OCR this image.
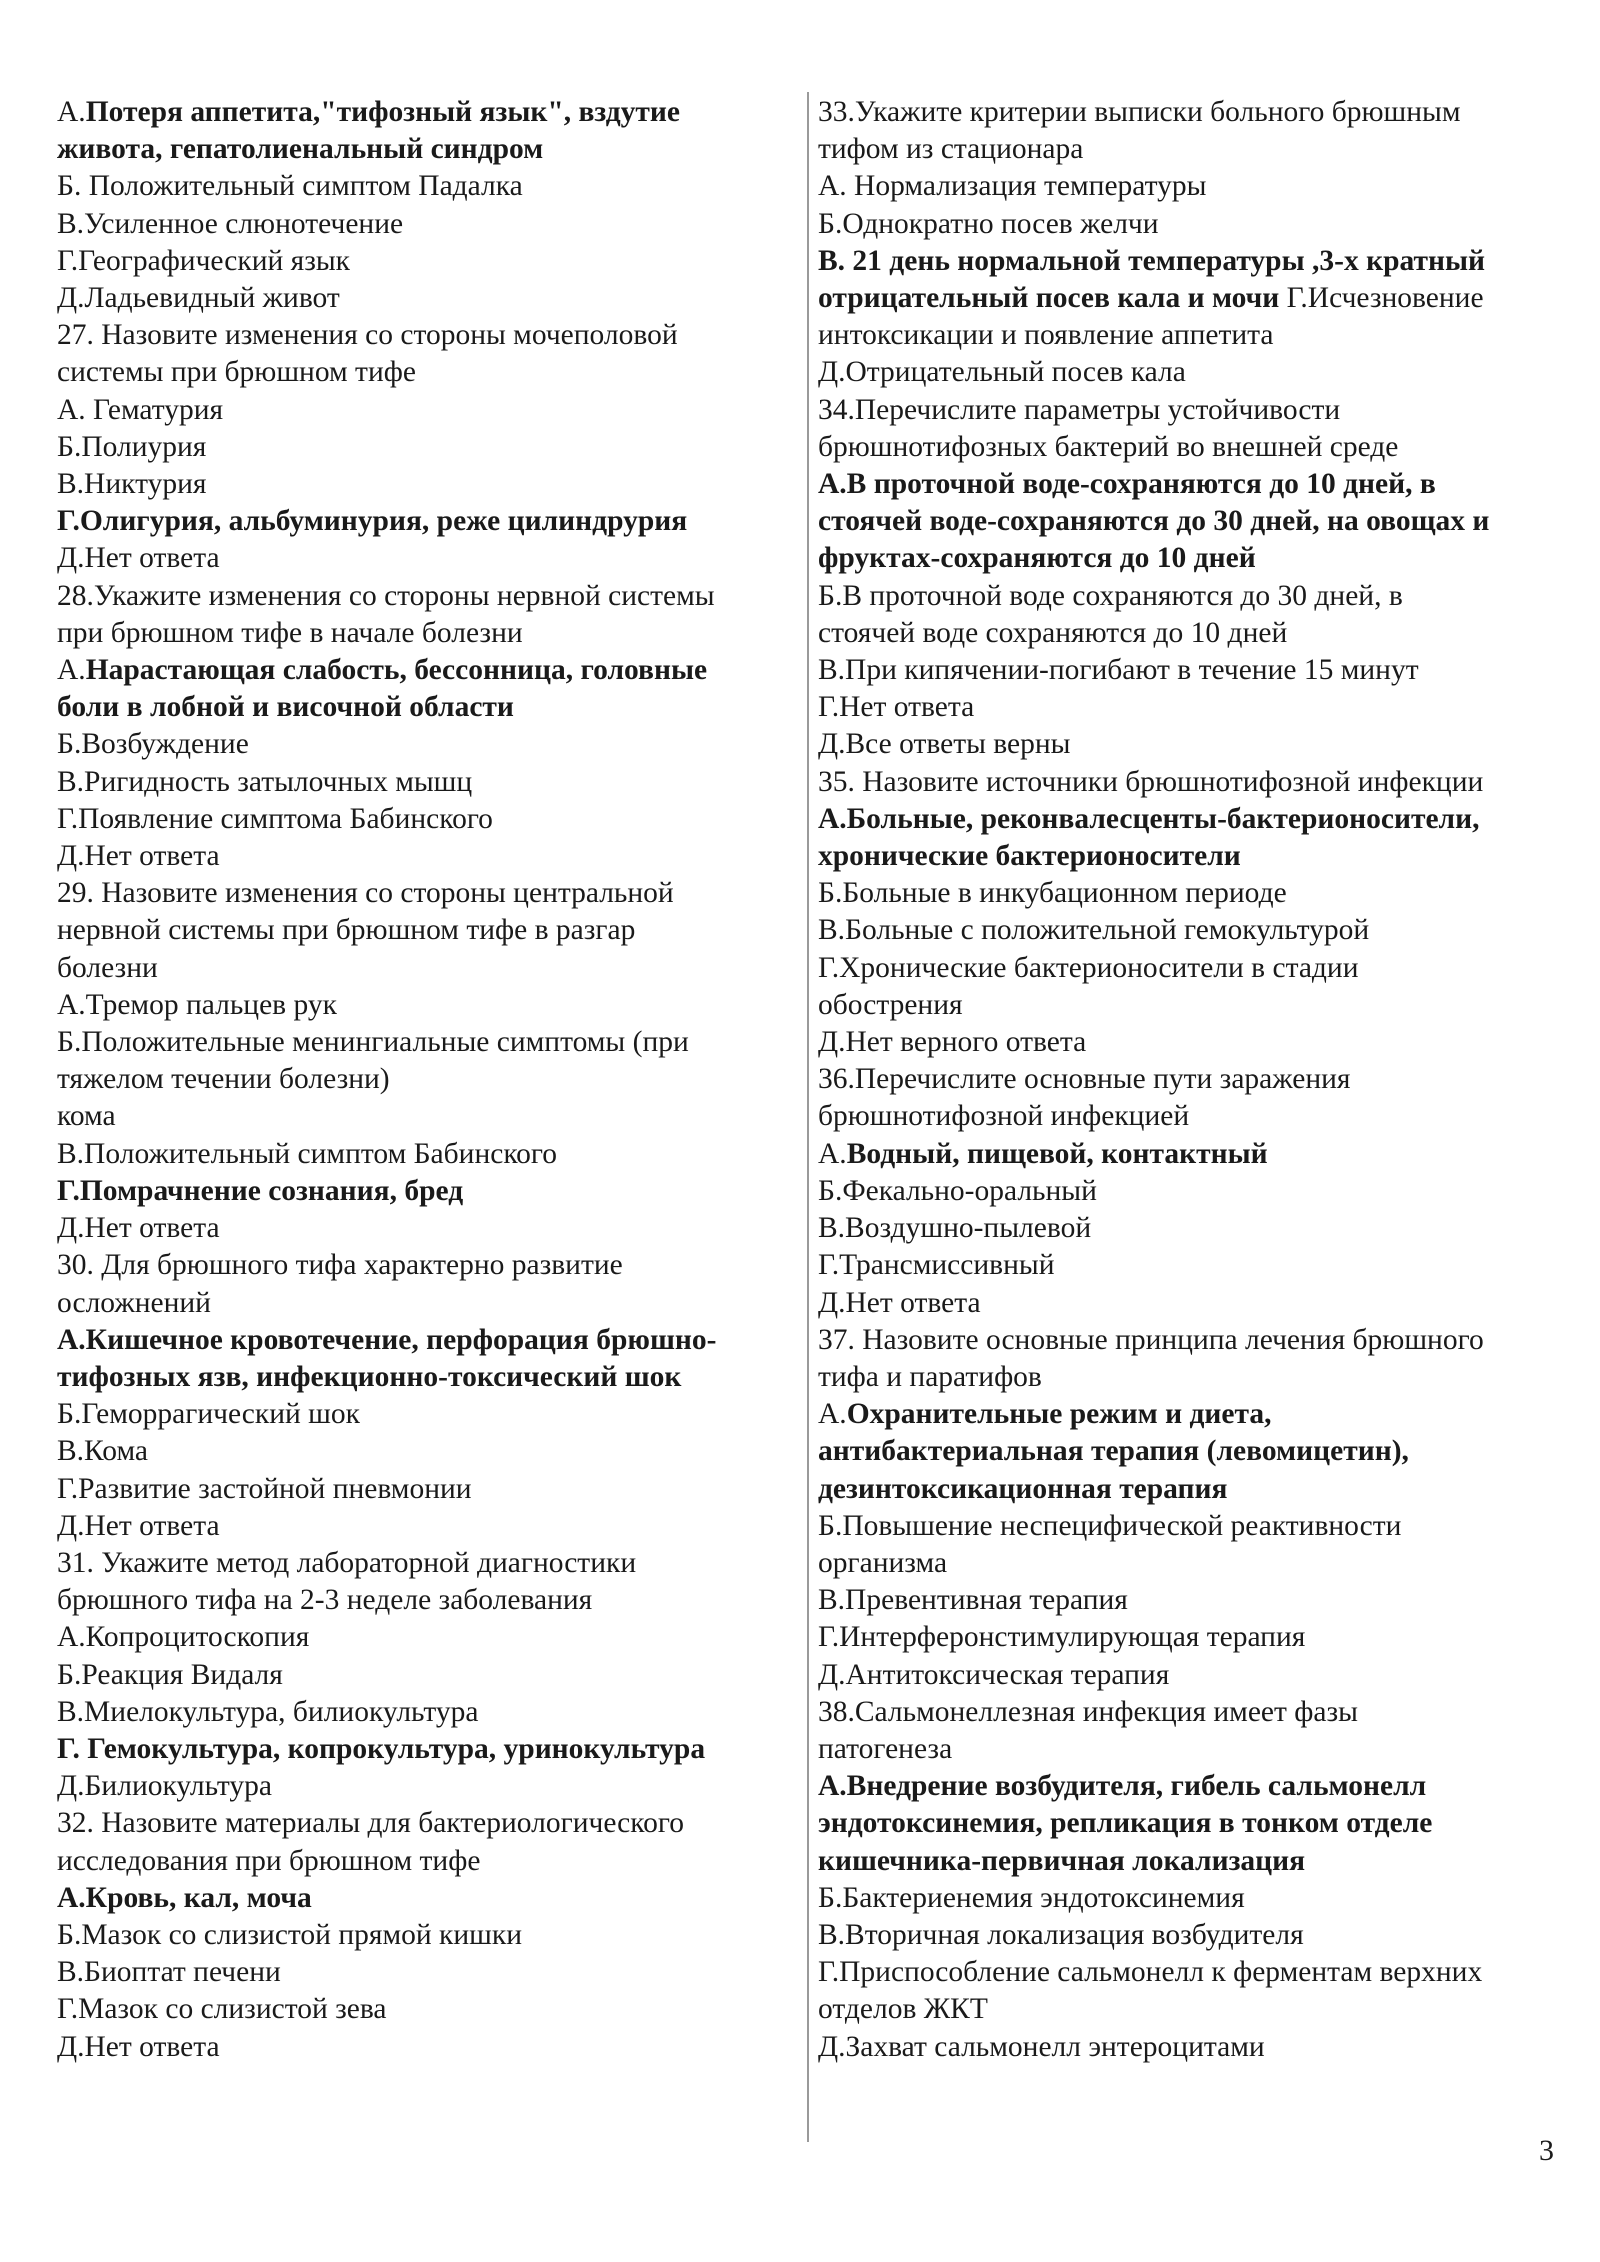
А.Потеря аппетита,"тифозный язык", вздутие
живота, гепатолиенальный синдром
Б. Положительный симптом Падалка
В.Усиленное слюнотечение
Г.Географический язык
Д.Ладьевидный живот
27. Назовите изменения со стороны мочеполовой
системы при брюшном тифе
А. Гематурия
Б.Полиурия
В.Никтурия
Г.Олигурия, альбуминурия, реже цилиндрурия
Д.Нет ответа
28.Укажите изменения со стороны нервной системы
при брюшном тифе в начале болезни
А.Нарастающая слабость, бессонница, головные
боли в лобной и височной области
Б.Возбуждение
В.Ригидность затылочных мышц
Г.Появление симптома Бабинского
Д.Нет ответа
29. Назовите изменения со стороны центральной
нервной системы при брюшном тифе в разгар
болезни
А.Тремор пальцев рук
Б.Положительные менингиальные симптомы (при
тяжелом течении болезни)
кома
В.Положительный симптом Бабинского
Г.Помрачнение сознания, бред
Д.Нет ответа
30. Для брюшного тифа характерно развитие
осложнений
А.Кишечное кровотечение, перфорация брюшно-
тифозных язв, инфекционно-токсический шок
Б.Геморрагический шок
В.Кома
Г.Развитие застойной пневмонии
Д.Нет ответа
31. Укажите метод лабораторной диагностики
брюшного тифа на 2-3 неделе заболевания
А.Копроцитоскопия
Б.Реакция Видаля
В.Миелокультура, билиокультура
Г. Гемокультура, копрокультура, уринокультура
Д.Билиокультура
32. Назовите материалы для бактериологического
исследования при брюшном тифе
А.Кровь, кал, моча
Б.Мазок со слизистой прямой кишки
В.Биоптат печени
Г.Мазок со слизистой зева
Д.Нет ответа
33.Укажите критерии выписки больного брюшным
тифом из стационара
А. Нормализация температуры
Б.Однократно посев желчи
В. 21 день нормальной температуры ,3-х кратный
отрицательный посев кала и мочи Г.Исчезновение
интоксикации и появление аппетита
Д.Отрицательный посев кала
34.Перечислите параметры устойчивости
брюшнотифозных бактерий во внешней среде
А.В проточной воде-сохраняются до 10 дней, в
стоячей воде-сохраняются до 30 дней, на овощах и
фруктах-сохраняются до 10 дней
Б.В проточной воде сохраняются до 30 дней, в
стоячей воде сохраняются до 10 дней
В.При кипячении-погибают в течение 15 минут
Г.Нет ответа
Д.Все ответы верны
35. Назовите источники брюшнотифозной инфекции
А.Больные, реконвалесценты-бактерионосители,
хронические бактерионосители
Б.Больные в инкубационном периоде
В.Больные с положительной гемокультурой
Г.Хронические бактерионосители в стадии
обострения
Д.Нет верного ответа
36.Перечислите основные пути заражения
брюшнотифозной инфекцией
А.Водный, пищевой, контактный
Б.Фекально-оральный
В.Воздушно-пылевой
Г.Трансмиссивный
Д.Нет ответа
37. Назовите основные принципа лечения брюшного
тифа и паратифов
А.Охранительные режим и диета,
антибактериальная терапия (левомицетин),
дезинтоксикационная терапия
Б.Повышение неспецифической реактивности
организма
В.Превентивная терапия
Г.Интерферонстимулирующая терапия
Д.Антитоксическая терапия
38.Сальмонеллезная инфекция имеет фазы
патогенеза
А.Внедрение возбудителя, гибель сальмонелл
эндотоксинемия, репликация в тонком отделе
кишечника-первичная локализация
Б.Бактериенемия эндотоксинемия
В.Вторичная локализация возбудителя
Г.Приспособление сальмонелл к ферментам верхних
отделов ЖКТ
Д.Захват сальмонелл энтероцитами
3
